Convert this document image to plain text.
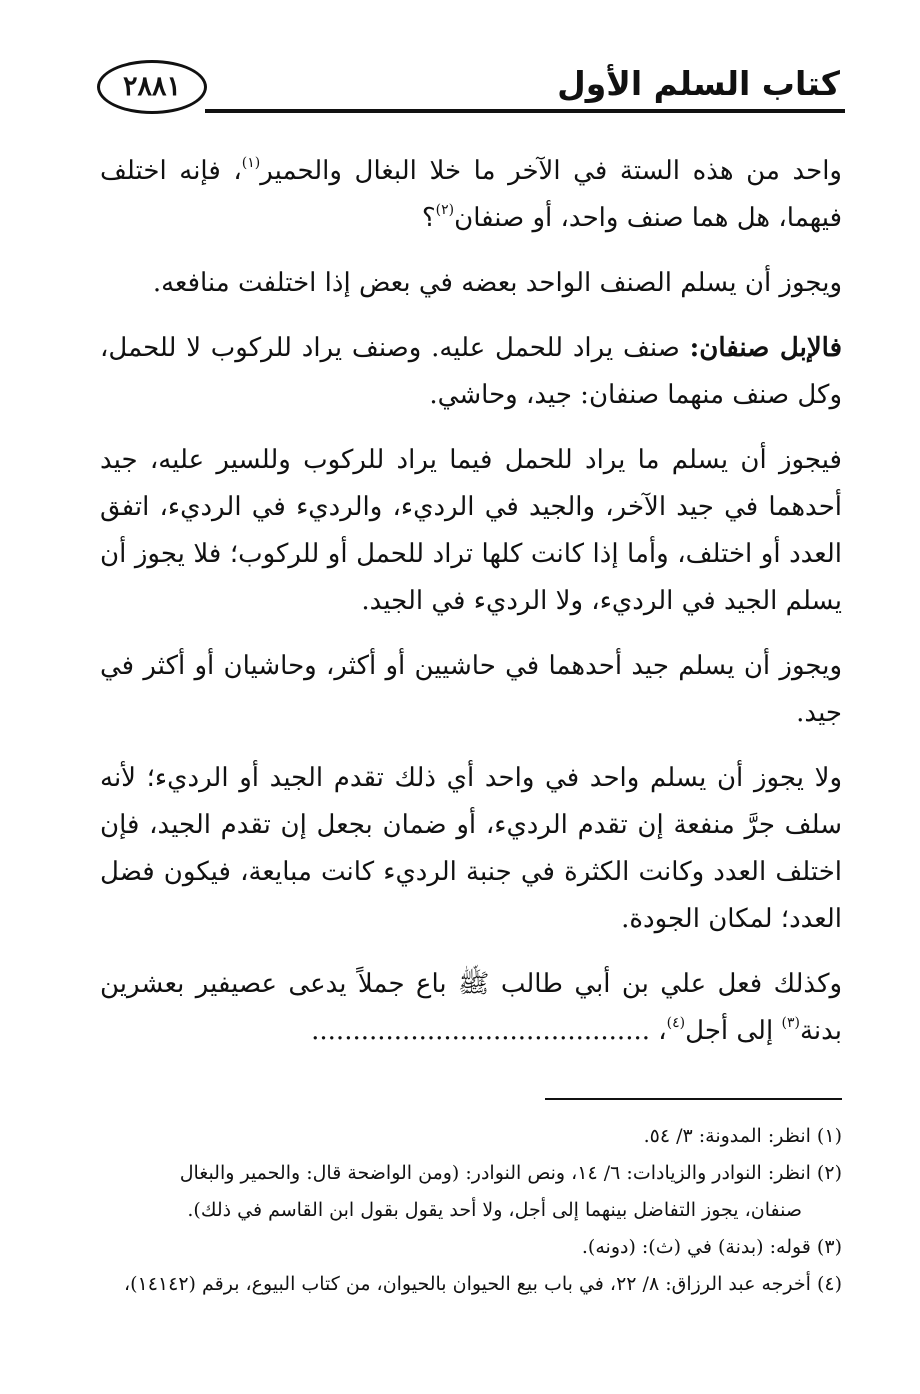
كتاب السلم الأول
٢٨٨١

واحد من هذه الستة في الآخر ما خلا البغال والحمير$^{(١)}$، فإنه اختلف فيهما، هل هما صنف واحد، أو صنفان$^{(٢)}$؟

ويجوز أن يسلم الصنف الواحد بعضه في بعض إذا اختلفت منافعه.

فالإبل صنفان: صنف يراد للحمل عليه. وصنف يراد للركوب لا للحمل، وكل صنف منهما صنفان: جيد، وحاشي.

فيجوز أن يسلم ما يراد للحمل فيما يراد للركوب وللسير عليه، جيد أحدهما في جيد الآخر، والجيد في الرديء، والرديء في الرديء، اتفق العدد أو اختلف، وأما إذا كانت كلها تراد للحمل أو للركوب؛ فلا يجوز أن يسلم الجيد في الرديء، ولا الرديء في الجيد.

ويجوز أن يسلم جيد أحدهما في حاشيين أو أكثر، وحاشيان أو أكثر في جيد.

ولا يجوز أن يسلم واحد في واحد أي ذلك تقدم الجيد أو الرديء؛ لأنه سلف جرَّ منفعة إن تقدم الرديء، أو ضمان بجعل إن تقدم الجيد، فإن اختلف العدد وكانت الكثرة في جنبة الرديء كانت مبايعة، فيكون فضل العدد؛ لمكان الجودة.

وكذلك فعل علي بن أبي طالب ﷺ باع جملاً يدعى عصيفير بعشرين بدنة$^{(٣)}$ إلى أجل$^{(٤)}$، .........................................

(١) انظر: المدونة: ٣/ ٥٤.

(٢) انظر: النوادر والزيادات: ٦/ ١٤، ونص النوادر: (ومن الواضحة قال: والحمير والبغال

صنفان، يجوز التفاضل بينهما إلى أجل، ولا أحد يقول بقول ابن القاسم في ذلك).

(٣) قوله: (بدنة) في (ث): (دونه).

(٤) أخرجه عبد الرزاق: ٨/ ٢٢، في باب بيع الحيوان بالحيوان، من كتاب البيوع، برقم (١٤١٤٢)،
